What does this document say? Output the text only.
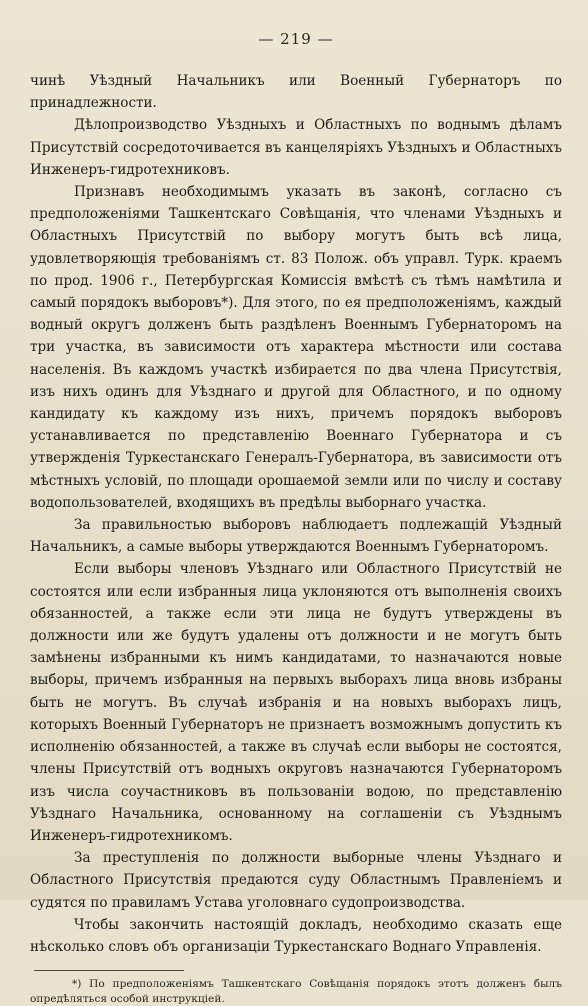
— 219 —

чинѣ Уѣздный Начальникъ или Военный Губернаторъ по принадлежности.

Дѣлопроизводство Уѣздныхъ и Областныхъ по воднымъ дѣламъ Присутствій сосредоточивается въ канцеляріяхъ Уѣздныхъ и Областныхъ Инженеръ-гидротехниковъ.

Признавъ необходимымъ указать въ законѣ, согласно съ предположеніями Ташкентскаго Совѣщанія, что членами Уѣздныхъ и Областныхъ Присутствій по выбору могутъ быть всѣ лица, удовлетворяющія требованіямъ ст. 83 Полож. объ управл. Турк. краемъ по прод. 1906 г., Петербургская Комиссія вмѣстѣ съ тѣмъ намѣтила и самый порядокъ выборовъ*). Для этого, по ея предположеніямъ, каждый водный округъ долженъ быть раздѣленъ Военнымъ Губернаторомъ на три участка, въ зависимости отъ характера мѣстности или состава населенія. Въ каждомъ участкѣ избирается по два члена Присутствія, изъ нихъ одинъ для Уѣзднаго и другой для Областного, и по одному кандидату къ каждому изъ нихъ, причемъ порядокъ выборовъ устанавливается по представленію Военнаго Губернатора и съ утвержденія Туркестанскаго Генералъ-Губернатора, въ зависимости отъ мѣстныхъ условій, по площади орошаемой земли или по числу и составу водопользователей, входящихъ въ предѣлы выборнагo участка.

За правильностью выборовъ наблюдаетъ подлежащій Уѣздный Начальникъ, а самые выборы утверждаются Военнымъ Губернаторомъ.

Если выборы членовъ Уѣзднаго или Областного Присутствій не состоятся или если избранныя лица уклоняются отъ выполненія своихъ обязанностей, а также если эти лица не будутъ утверждены въ должности или же будутъ удалены отъ должности и не могутъ быть замѣнены избранными къ нимъ кандидатами, то назначаются новые выборы, причемъ избранныя на первыхъ выборахъ лица вновь избраны быть не могутъ. Въ случаѣ избранія и на новыхъ выборахъ лицъ, которыхъ Военный Губернаторъ не признаетъ возможнымъ допустить къ исполненію обязанностей, а также въ случаѣ если выборы не состоятся, члены Присутствій отъ водныхъ округовъ назначаются Губернаторомъ изъ числа соучастниковъ въ пользованіи водою, по представленію Уѣзднаго Начальника, основанному на соглашеніи съ Уѣзднымъ Инженеръ-гидротехникомъ.

За преступленія по должности выборные члены Уѣзднаго и Областного Присутствія предаются суду Областнымъ Правленіемъ и судятся по правиламъ Устава уголовнагo судопроизводства.

Чтобы закончить настоящій докладъ, необходимо сказать еще нѣсколько словъ объ организаціи Туркестанскаго Воднаго Управленія.

*) По предположеніямъ Ташкентскаго Совѣщанія порядокъ этотъ долженъ былъ опредѣляться особой инструкціей.
